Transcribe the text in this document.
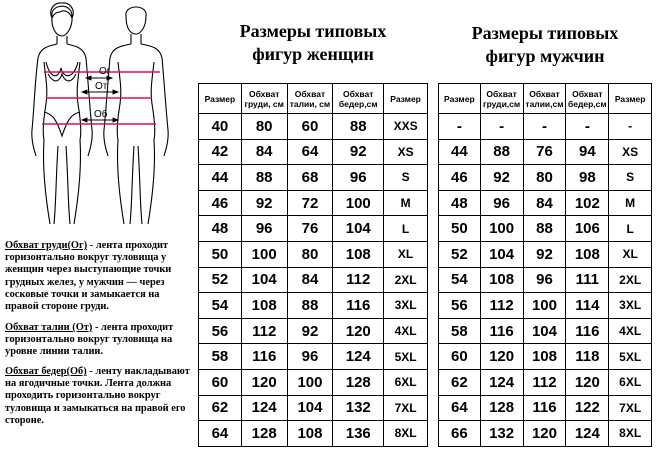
Ог
От
Об
Размеры типовых
фигур женщин
Размеры типовых
фигур мужчин
Размер	Обхват груди, см	Обхват талии, см	Обхват бедер,см	Размер
40	80	60	88	XXS
42	84	64	92	XS
44	88	68	96	S
46	92	72	100	M
48	96	76	104	L
50	100	80	108	XL
52	104	84	112	2XL
54	108	88	116	3XL
56	112	92	120	4XL
58	116	96	124	5XL
60	120	100	128	6XL
62	124	104	132	7XL
64	128	108	136	8XL
Размер	Обхват груди,см	Обхват талии,см	Обхват бедер,см	Размер
-	-	-	-	-
44	88	76	94	XS
46	92	80	98	S
48	96	84	102	M
50	100	88	106	L
52	104	92	108	XL
54	108	96	111	2XL
56	112	100	114	3XL
58	116	104	116	4XL
60	120	108	118	5XL
62	124	112	120	6XL
64	128	116	122	7XL
66	132	120	124	8XL

Обхват груди(Ог) - лента проходит горизонтально вокруг туловища у женщин через выступающие точки грудных желез, у мужчин — через сосковые точки и замыкается на правой стороне груди.

Обхват талии (От) - лента проходит горизонтально вокруг туловища на уровне линии талии.

Обхват бедер(Об) - ленту накладывают на ягодичные точки. Лента должна проходить горизонтально вокруг туловища и замыкаться на правой его стороне.
